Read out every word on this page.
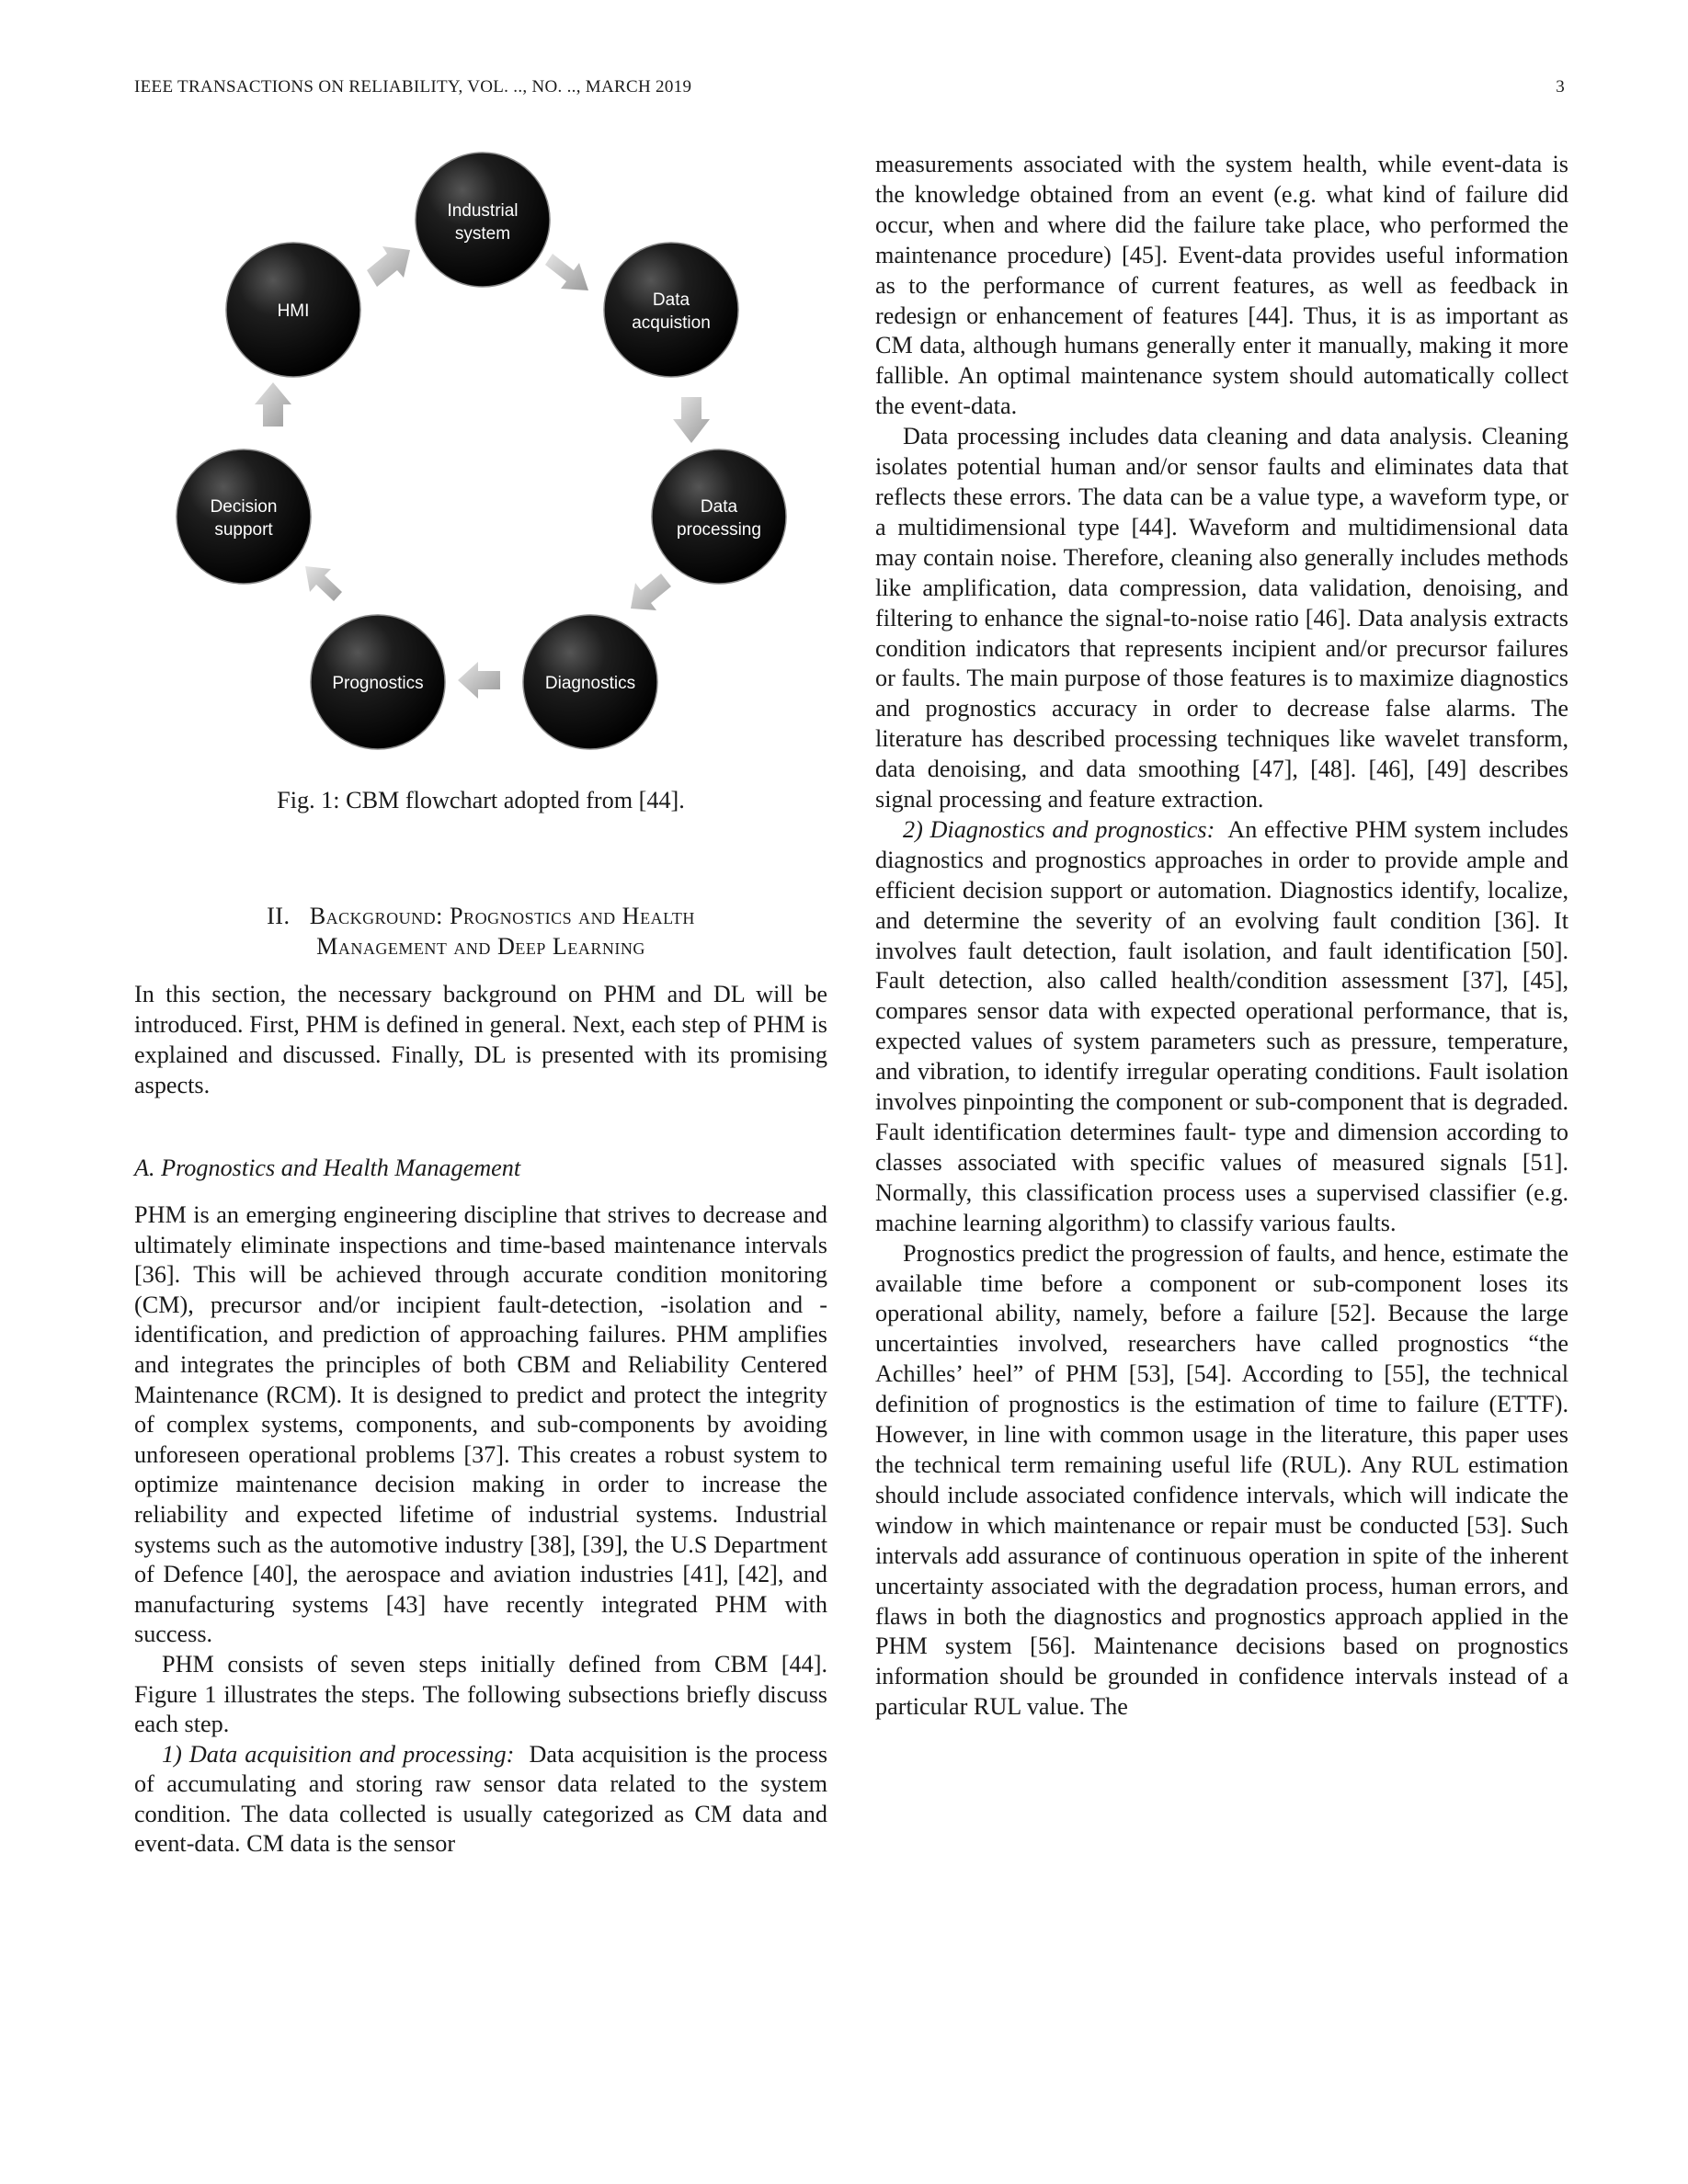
IEEE TRANSACTIONS ON RELIABILITY, VOL. .., NO. .., MARCH 2019	3
Industrial
system
HMI
Data
acquistion
Decision
support
Data
processing
Prognostics	Diagnostics
Fig. 1: CBM flowchart adopted from [44].
II. Background: Prognostics and Health
Management and Deep Learning

In this section, the necessary background on PHM and DL will be introduced. First, PHM is defined in general. Next, each step of PHM is explained and discussed. Finally, DL is presented with its promising aspects.

A. Prognostics and Health Management

PHM is an emerging engineering discipline that strives to decrease and ultimately eliminate inspections and time-based maintenance intervals [36]. This will be achieved through accurate condition monitoring (CM), precursor and/or incipient fault-detection, -isolation and -identification, and prediction of approaching failures. PHM amplifies and integrates the principles of both CBM and Reliability Centered Maintenance (RCM). It is designed to predict and protect the integrity of complex systems, components, and sub-components by avoiding unforeseen operational problems [37]. This creates a robust system to optimize maintenance decision making in order to increase the reliability and expected lifetime of industrial systems. Industrial systems such as the automotive industry [38], [39], the U.S Department of Defence [40], the aerospace and aviation industries [41], [42], and manufacturing systems [43] have recently integrated PHM with success.

PHM consists of seven steps initially defined from CBM [44]. Figure 1 illustrates the steps. The following subsections briefly discuss each step.

1) Data acquisition and processing: Data acquisition is the process of accumulating and storing raw sensor data related to the system condition. The data collected is usually categorized as CM data and event-data. CM data is the sensor

measurements associated with the system health, while event-data is the knowledge obtained from an event (e.g. what kind of failure did occur, when and where did the failure take place, who performed the maintenance procedure) [45]. Event-data provides useful information as to the performance of current features, as well as feedback in redesign or enhancement of features [44]. Thus, it is as important as CM data, although humans generally enter it manually, making it more fallible. An optimal maintenance system should automatically collect the event-data.

Data processing includes data cleaning and data analysis. Cleaning isolates potential human and/or sensor faults and eliminates data that reflects these errors. The data can be a value type, a waveform type, or a multidimensional type [44]. Waveform and multidimensional data may contain noise. Therefore, cleaning also generally includes methods like amplification, data compression, data validation, denoising, and filtering to enhance the signal-to-noise ratio [46]. Data analysis extracts condition indicators that represents incipient and/or precursor failures or faults. The main purpose of those features is to maximize diagnostics and prognostics accuracy in order to decrease false alarms. The literature has described processing techniques like wavelet transform, data denoising, and data smoothing [47], [48]. [46], [49] describes signal processing and feature extraction.

2) Diagnostics and prognostics: An effective PHM system includes diagnostics and prognostics approaches in order to provide ample and efficient decision support or automation. Diagnostics identify, localize, and determine the severity of an evolving fault condition [36]. It involves fault detection, fault isolation, and fault identification [50]. Fault detection, also called health/condition assessment [37], [45], compares sensor data with expected operational performance, that is, expected values of system parameters such as pressure, temperature, and vibration, to identify irregular operating conditions. Fault isolation involves pinpointing the component or sub-component that is degraded. Fault identification determines fault- type and dimension according to classes associated with specific values of measured signals [51]. Normally, this classification process uses a supervised classifier (e.g. machine learning algorithm) to classify various faults.

Prognostics predict the progression of faults, and hence, estimate the available time before a component or sub-component loses its operational ability, namely, before a failure [52]. Because the large uncertainties involved, researchers have called prognostics “the Achilles’ heel” of PHM [53], [54]. According to [55], the technical definition of prognostics is the estimation of time to failure (ETTF). However, in line with common usage in the literature, this paper uses the technical term remaining useful life (RUL). Any RUL estimation should include associated confidence intervals, which will indicate the window in which maintenance or repair must be conducted [53]. Such intervals add assurance of continuous operation in spite of the inherent uncertainty associated with the degradation process, human errors, and flaws in both the diagnostics and prognostics approach applied in the PHM system [56]. Maintenance decisions based on prognostics information should be grounded in confidence intervals instead of a particular RUL value. The
